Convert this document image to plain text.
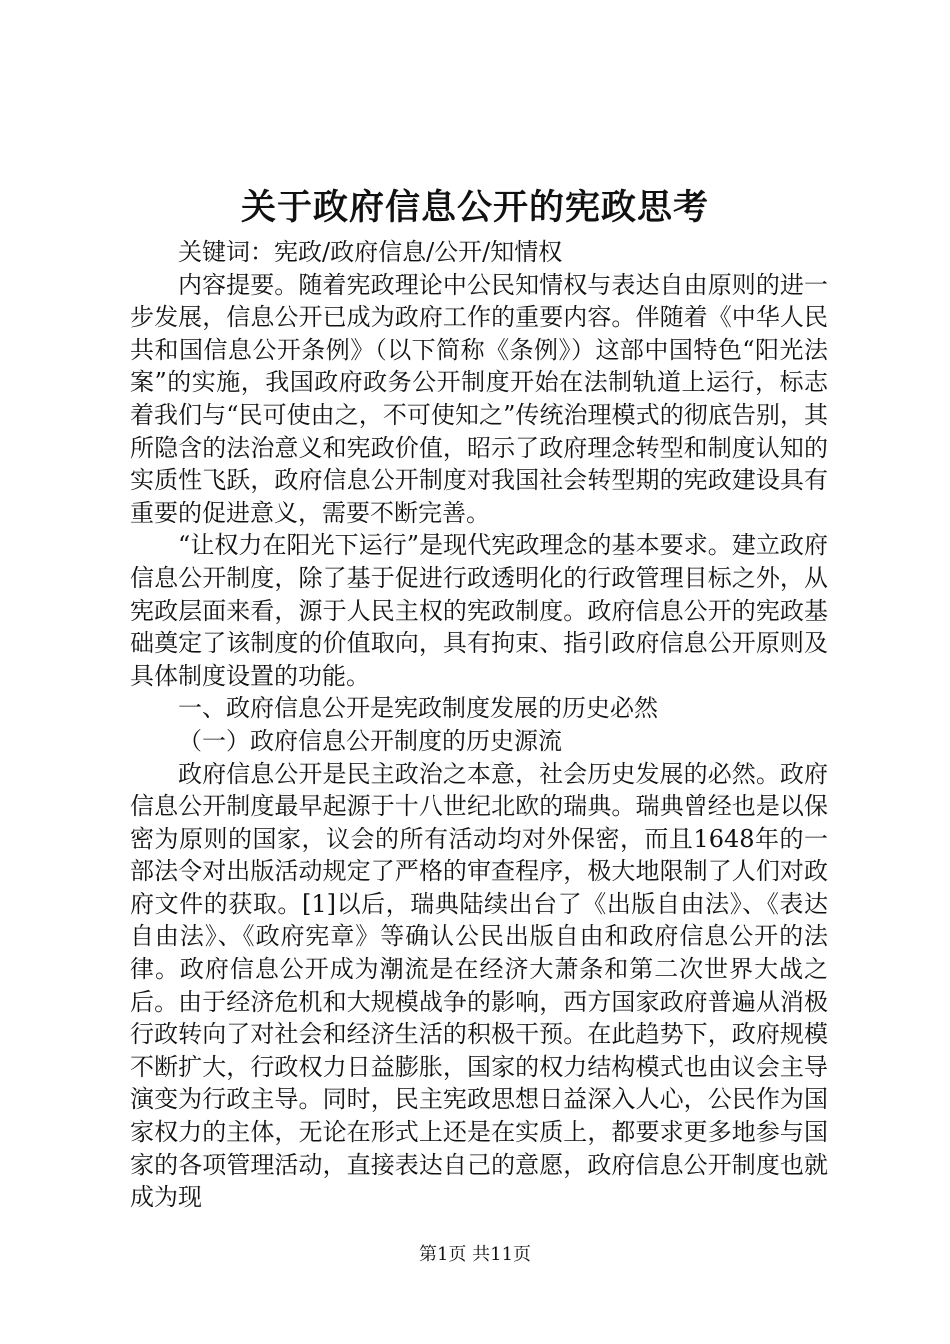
关于政府信息公开的宪政思考

关键词：宪政/政府信息/公开/知情权

内容提要。随着宪政理论中公民知情权与表达自由原则的进一步发展，信息公开已成为政府工作的重要内容。伴随着《中华人民共和国信息公开条例》（以下简称《条例》）这部中国特色“阳光法案”的实施，我国政府政务公开制度开始在法制轨道上运行，标志着我们与“民可使由之，不可使知之”传统治理模式的彻底告别，其所隐含的法治意义和宪政价值，昭示了政府理念转型和制度认知的实质性飞跃，政府信息公开制度对我国社会转型期的宪政建设具有重要的促进意义，需要不断完善。

“让权力在阳光下运行”是现代宪政理念的基本要求。建立政府信息公开制度，除了基于促进行政透明化的行政管理目标之外，从宪政层面来看，源于人民主权的宪政制度。政府信息公开的宪政基础奠定了该制度的价值取向，具有拘束、指引政府信息公开原则及具体制度设置的功能。

一、政府信息公开是宪政制度发展的历史必然

（一）政府信息公开制度的历史源流

政府信息公开是民主政治之本意，社会历史发展的必然。政府信息公开制度最早起源于十八世纪北欧的瑞典。瑞典曾经也是以保密为原则的国家，议会的所有活动均对外保密，而且1648年的一部法令对出版活动规定了严格的审查程序，极大地限制了人们对政府文件的获取。[1]以后，瑞典陆续出台了《出版自由法》、《表达自由法》、《政府宪章》等确认公民出版自由和政府信息公开的法律。政府信息公开成为潮流是在经济大萧条和第二次世界大战之后。由于经济危机和大规模战争的影响，西方国家政府普遍从消极行政转向了对社会和经济生活的积极干预。在此趋势下，政府规模不断扩大，行政权力日益膨胀，国家的权力结构模式也由议会主导演变为行政主导。同时，民主宪政思想日益深入人心，公民作为国家权力的主体，无论在形式上还是在实质上，都要求更多地参与国家的各项管理活动，直接表达自己的意愿，政府信息公开制度也就成为现

第1页 共11页
